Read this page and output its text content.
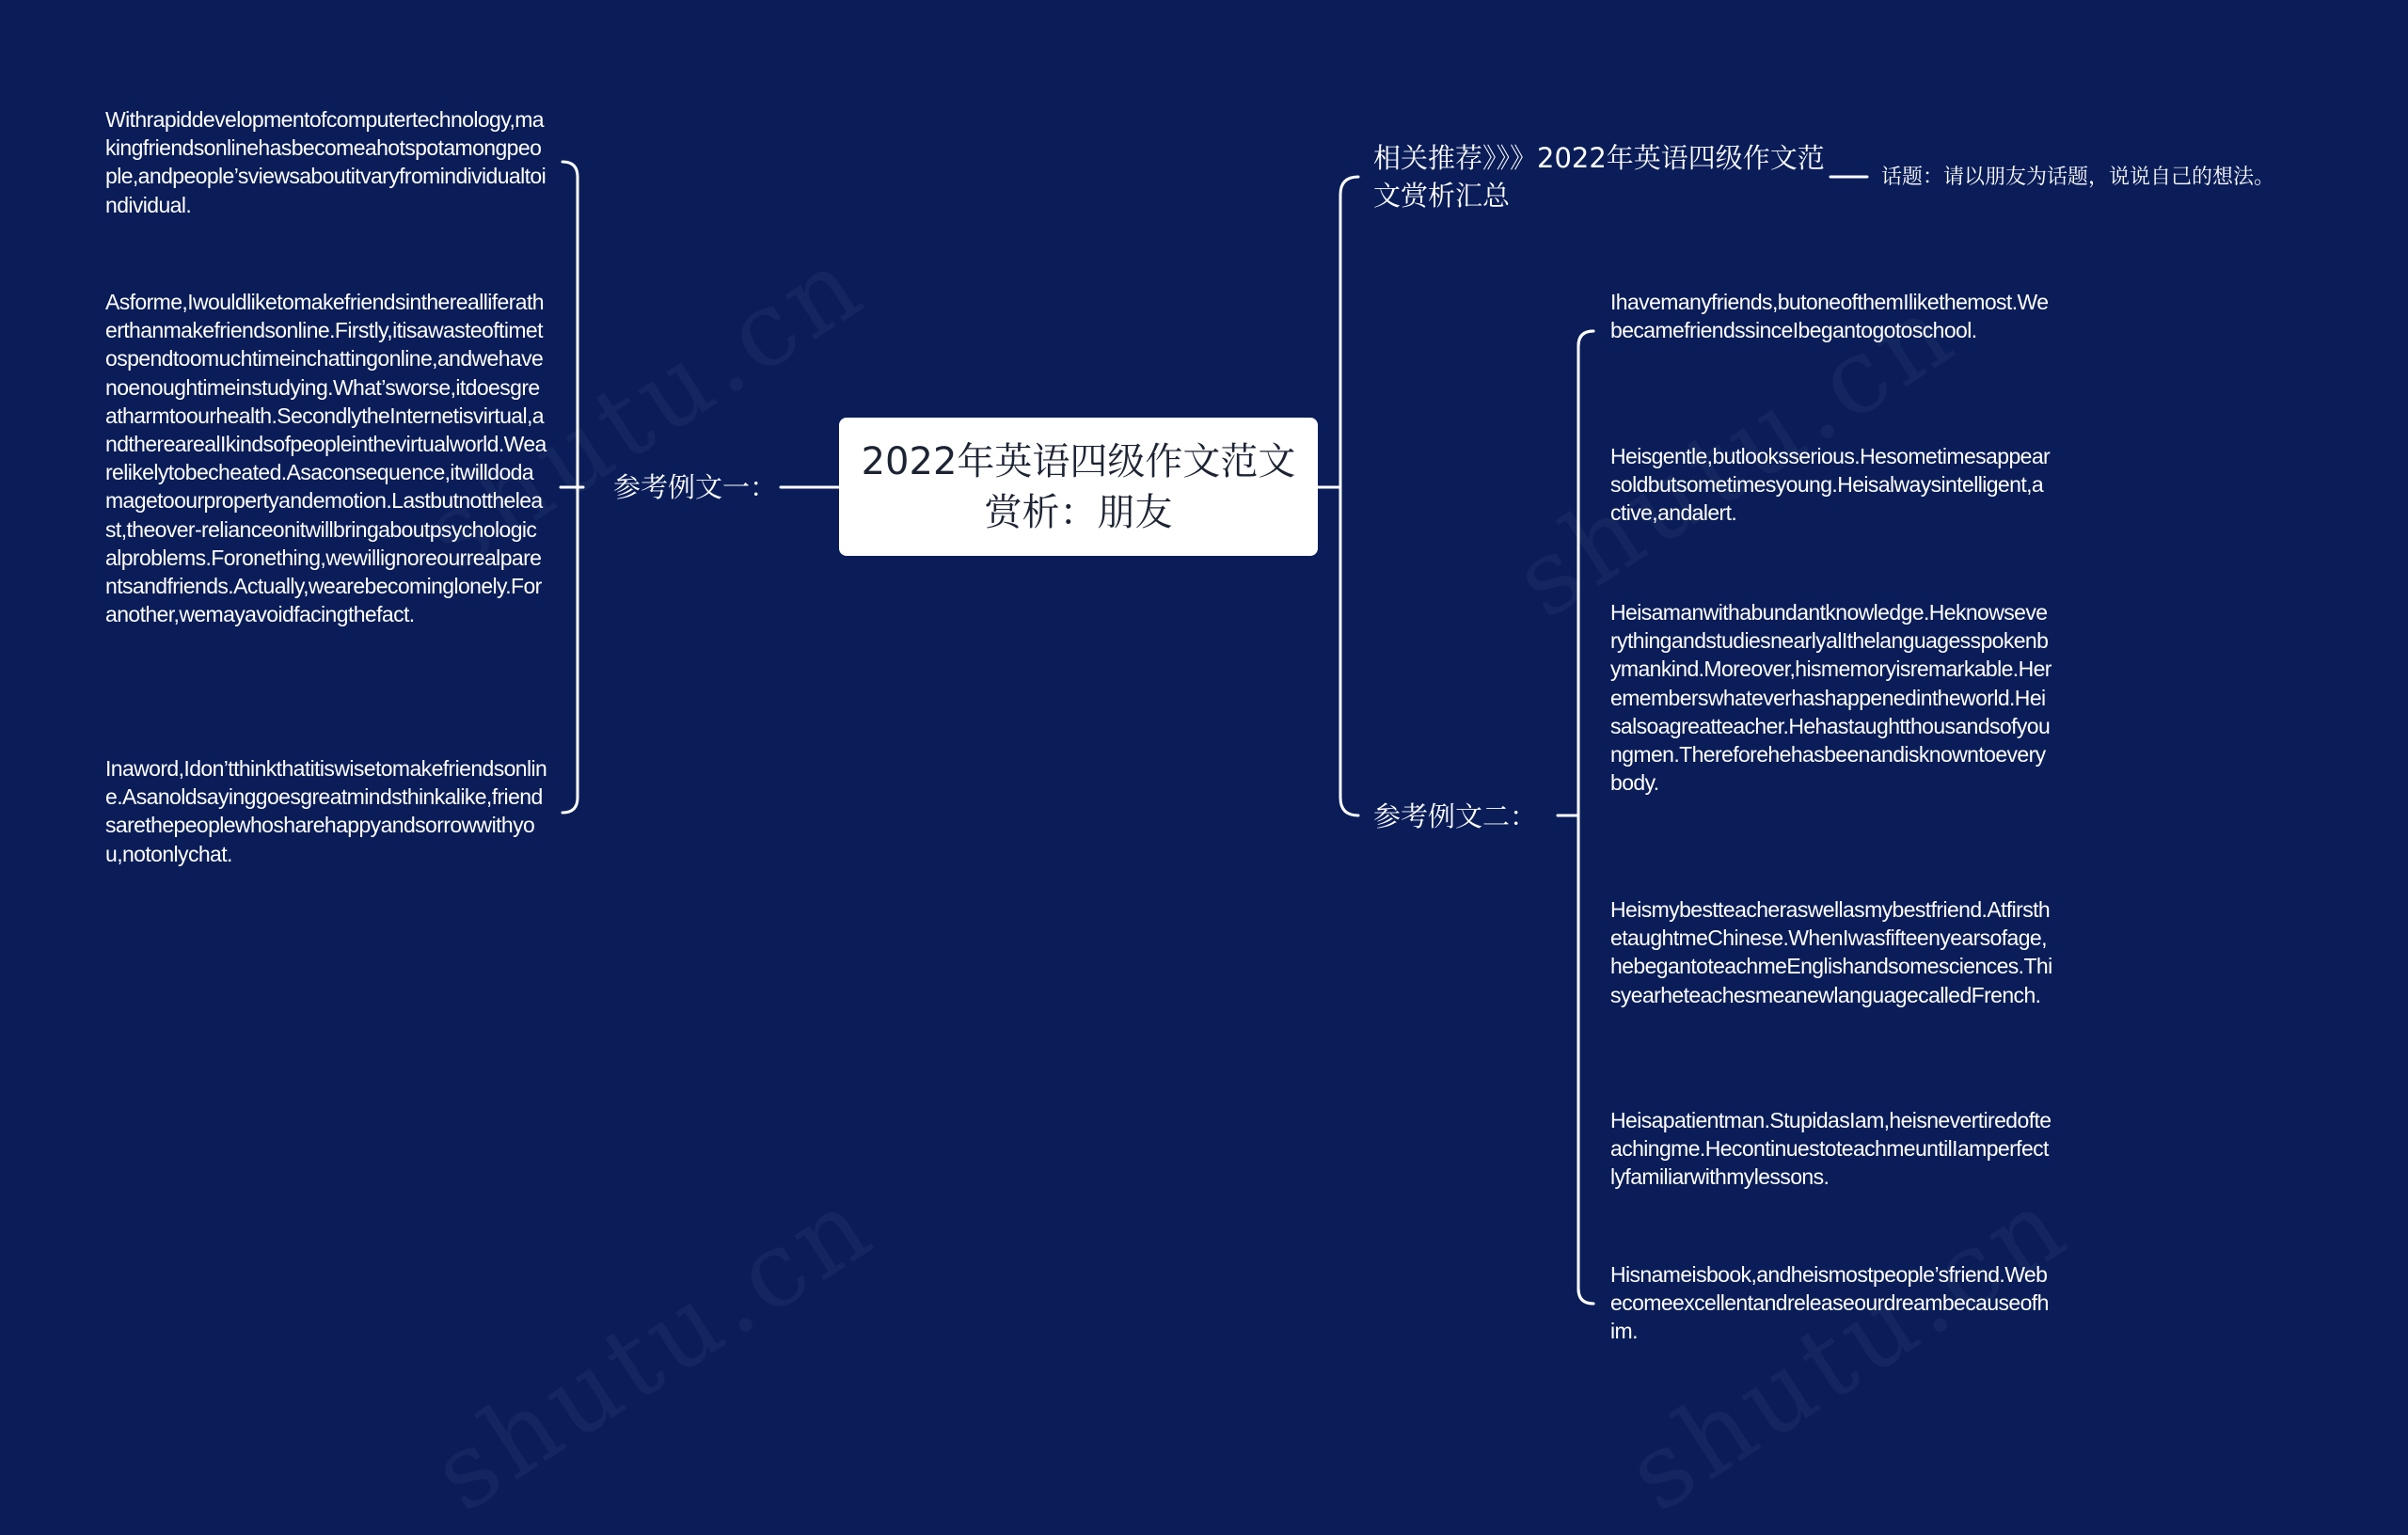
2022年英语四级作文范文赏析：朋友
参考例文一：
Withrapiddevelopmentofcomputertechnology,makingfriendsonlinehasbecomeahotspotamongpeople,andpeople’sviewsaboutitvaryfromindividualtoindividual.
Asforme,Iwouldliketomakefriendsintherealliferatherthanmakefriendsonline.Firstly,itisawasteoftimetospendtoomuchtimeinchattingonline,andwehavenoenoughtimeinstudying.What’sworse,itdoesgreatharmtoourhealth.SecondlytheInternetisvirtual,andtherearealIkindsofpeopleinthevirtualworld.Wearelikelytobecheated.Asaconsequence,itwilldodamagetoourpropertyandemotion.Lastbutnottheleast,theover-relianceonitwillbringaboutpsychologicalproblems.Foronething,wewillignoreourrealparentsandfriends.Actually,wearebecominglonely.Foranother,wemayavoidfacingthefact.
Inaword,Idon’tthinkthatitiswisetomakefriendsonline.Asanoldsayinggoesgreatmindsthinkalike,friendsarethepeoplewhosharehappyandsorrowwithyou,notonlychat.
相关推荐》》》2022年英语四级作文范文赏析汇总
话题：请以朋友为话题，说说自己的想法。
参考例文二：
Ihavemanyfriends,butoneofthemIlikethemost.WebecamefriendssinceIbegantogotoschool.
Heisgentle,butlooksserious.Hesometimesappearsoldbutsometimesyoung.Heisalwaysintelligent,active,andalert.
Heisamanwithabundantknowledge.HeknowseverythingandstudiesnearlyalIthelanguagesspokenbymankind.Moreover,hismemoryisremarkable.Herememberswhateverhashappenedintheworld.Heisalsoagreatteacher.Hehastaughtthousandsofyoungmen.Thereforehehasbeenandisknowntoeverybody.
Heismybestteacheraswellasmybestfriend.AtfirsthetaughtmeChinese.WhenIwasfifteenyearsofage,hebegantoteachmeEnglishandsomesciences.ThisyearheteachesmeanewlanguagecalledFrench.
Heisapatientman.StupidasIam,heisnevertiredofteachingme.HecontinuestoteachmeuntilIamperfectlyfamiliarwithmylessons.
Hisnameisbook,andheismostpeople’sfriend.Webecomeexcellentandreleaseourdreambecauseofhim.
